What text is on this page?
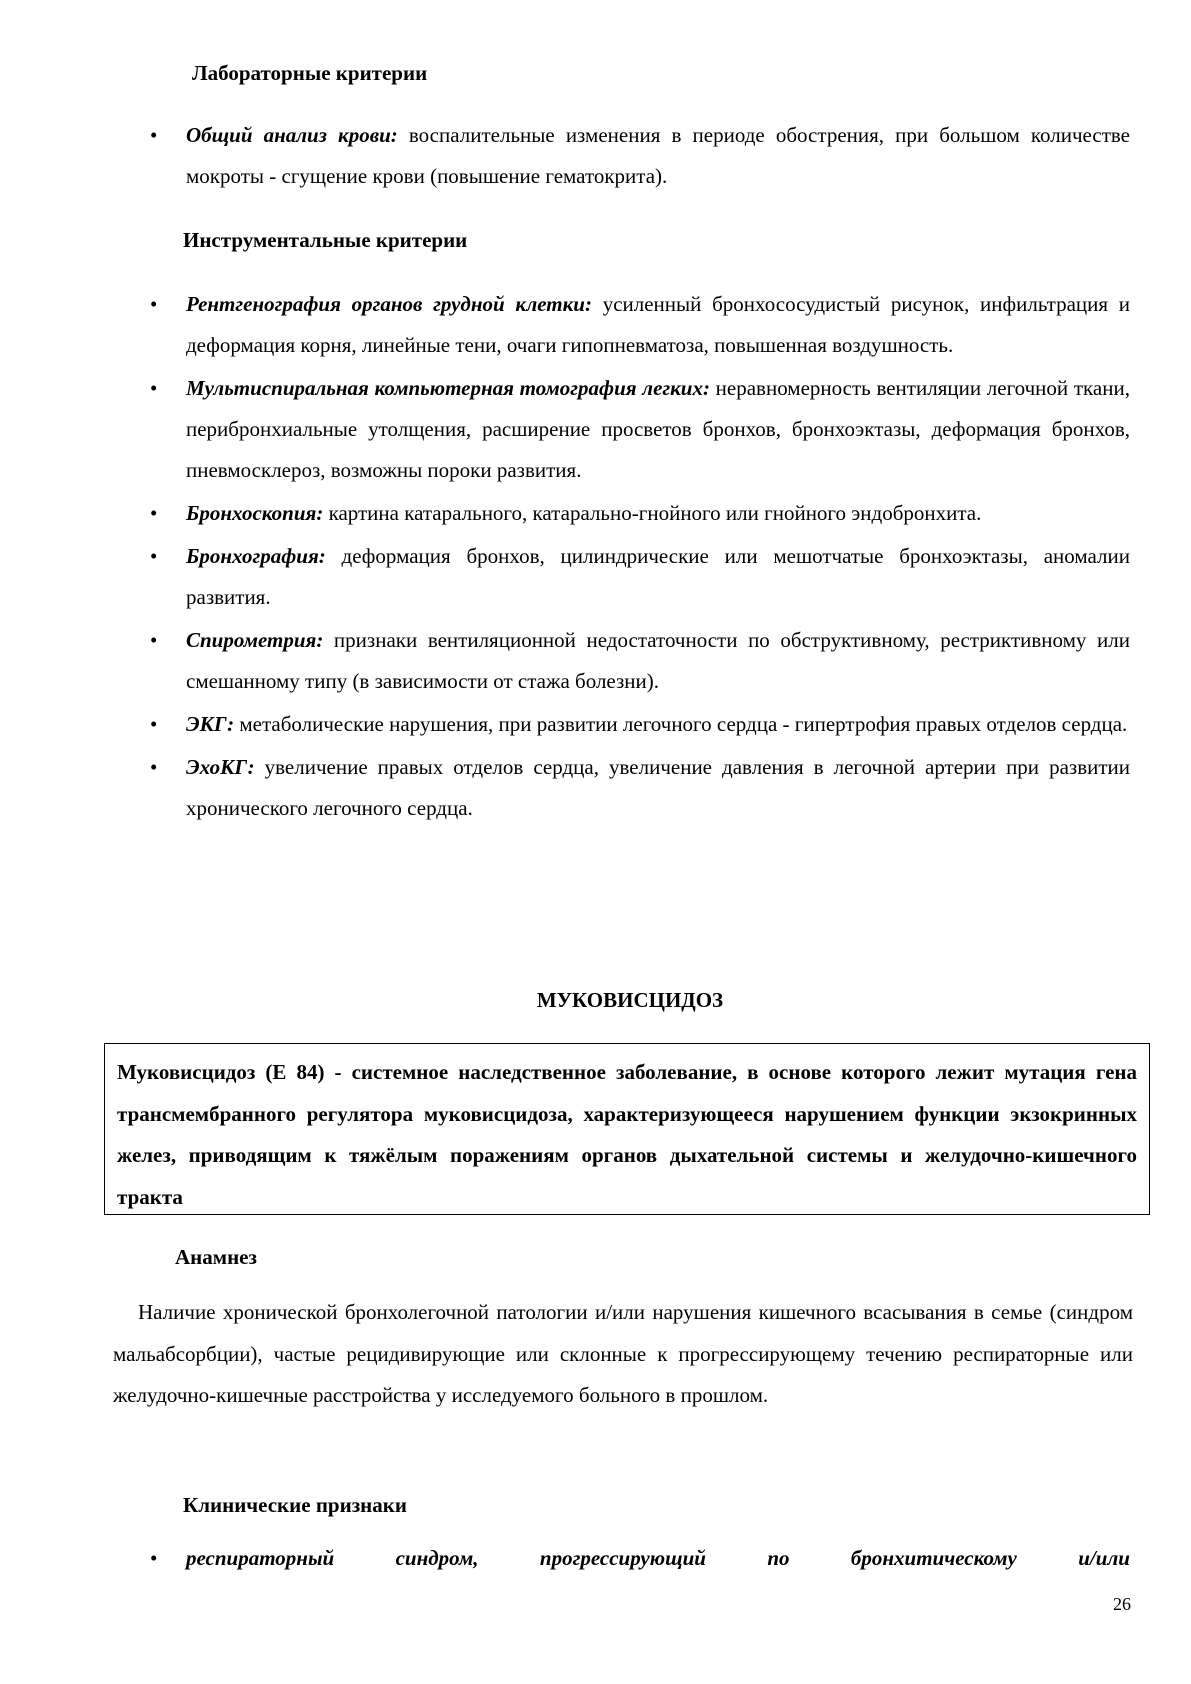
Лабораторные критерии
• Общий анализ крови: воспалительные изменения в периоде обострения, при большом количестве мокроты - сгущение крови (повышение гематокрита).
Инструментальные критерии
• Рентгенография органов грудной клетки: усиленный бронхососудистый рисунок, инфильтрация и деформация корня, линейные тени, очаги гипопневматоза, повышенная воздушность.
• Мультиспиральная компьютерная томография легких: неравномерность вентиляции легочной ткани, перибронхиальные утолщения, расширение просветов бронхов, бронхоэктазы, деформация бронхов, пневмосклероз, возможны пороки развития.
• Бронхоскопия: картина катарального, катарально-гнойного или гнойного эндобронхита.
• Бронхография: деформация бронхов, цилиндрические или мешотчатые бронхоэктазы, аномалии развития.
• Спирометрия: признаки вентиляционной недостаточности по обструктивному, рестриктивному или смешанному типу (в зависимости от стажа болезни).
• ЭКГ: метаболические нарушения, при развитии легочного сердца - гипертрофия правых отделов сердца.
• ЭхоКГ: увеличение правых отделов сердца, увеличение давления в легочной артерии при развитии хронического легочного сердца.
МУКОВИСЦИДОЗ

Муковисцидоз (Е 84) - системное наследственное заболевание, в основе которого лежит мутация гена трансмембранного регулятора муковисцидоза, характеризующееся нарушением функции экзокринных желез, приводящим к тяжёлым поражениям органов дыхательной системы и желудочно-кишечного тракта

Анамнез

Наличие хронической бронхолегочной патологии и/или нарушения кишечного всасывания в семье (синдром мальабсорбции), частые рецидивирующие или склонные к прогрессирующему течению респираторные или желудочно-кишечные расстройства у исследуемого больного в прошлом.

Клинические признаки
• респираторный	синдром,	прогрессирующий	по	бронхитическому	и/или
26
